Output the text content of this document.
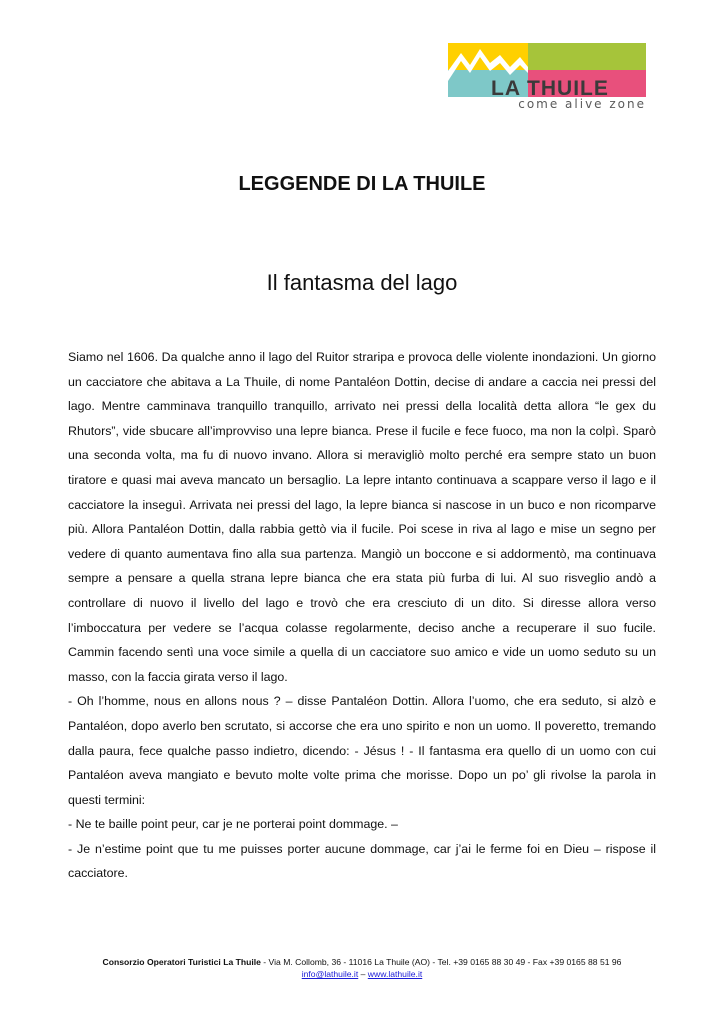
LA THUILE
come alive zone
LEGGENDE DI LA THUILE
Il fantasma del lago

Siamo nel 1606. Da qualche anno il lago del Ruitor straripa e provoca delle violente inondazioni. Un giorno un cacciatore che abitava a La Thuile, di nome Pantaléon Dottin, decise di andare a caccia nei pressi del lago. Mentre camminava tranquillo tranquillo, arrivato nei pressi della località detta allora “le gex du Rhutors”, vide sbucare all’improvviso una lepre bianca. Prese il fucile e fece fuoco, ma non la colpì. Sparò una seconda volta, ma fu di nuovo invano. Allora si meravigliò molto perché era sempre stato un buon tiratore e quasi mai aveva mancato un bersaglio. La lepre intanto continuava a scappare verso il lago e il cacciatore la inseguì. Arrivata nei pressi del lago, la lepre bianca si nascose in un buco e non ricomparve più. Allora Pantaléon Dottin, dalla rabbia gettò via il fucile. Poi scese in riva al lago e mise un segno per vedere di quanto aumentava fino alla sua partenza. Mangiò un boccone e si addormentò, ma continuava sempre a pensare a quella strana lepre bianca che era stata più furba di lui. Al suo risveglio andò a controllare di nuovo il livello del lago e trovò che era cresciuto di un dito. Si diresse allora verso l’imboccatura per vedere se l’acqua colasse regolarmente, deciso anche a recuperare il suo fucile. Cammin facendo sentì una voce simile a quella di un cacciatore suo amico e vide un uomo seduto su un masso, con la faccia girata verso il lago.

- Oh l’homme, nous en allons nous ? – disse Pantaléon Dottin. Allora l’uomo, che era seduto, si alzò e Pantaléon, dopo averlo ben scrutato, si accorse che era uno spirito e non un uomo. Il poveretto, tremando dalla paura, fece qualche passo indietro, dicendo: - Jésus ! - Il fantasma era quello di un uomo con cui Pantaléon aveva mangiato e bevuto molte volte prima che morisse. Dopo un po’ gli rivolse la parola in questi termini:

- Ne te baille point peur, car je ne porterai point dommage. –

- Je n’estime point que tu me puisses porter aucune dommage, car j’ai le ferme foi en Dieu – rispose il cacciatore.

Consorzio Operatori Turistici La Thuile - Via M. Collomb, 36 - 11016 La Thuile (AO) - Tel. +39 0165 88 30 49 - Fax +39 0165 88 51 96
info@lathuile.it – www.lathuile.it
